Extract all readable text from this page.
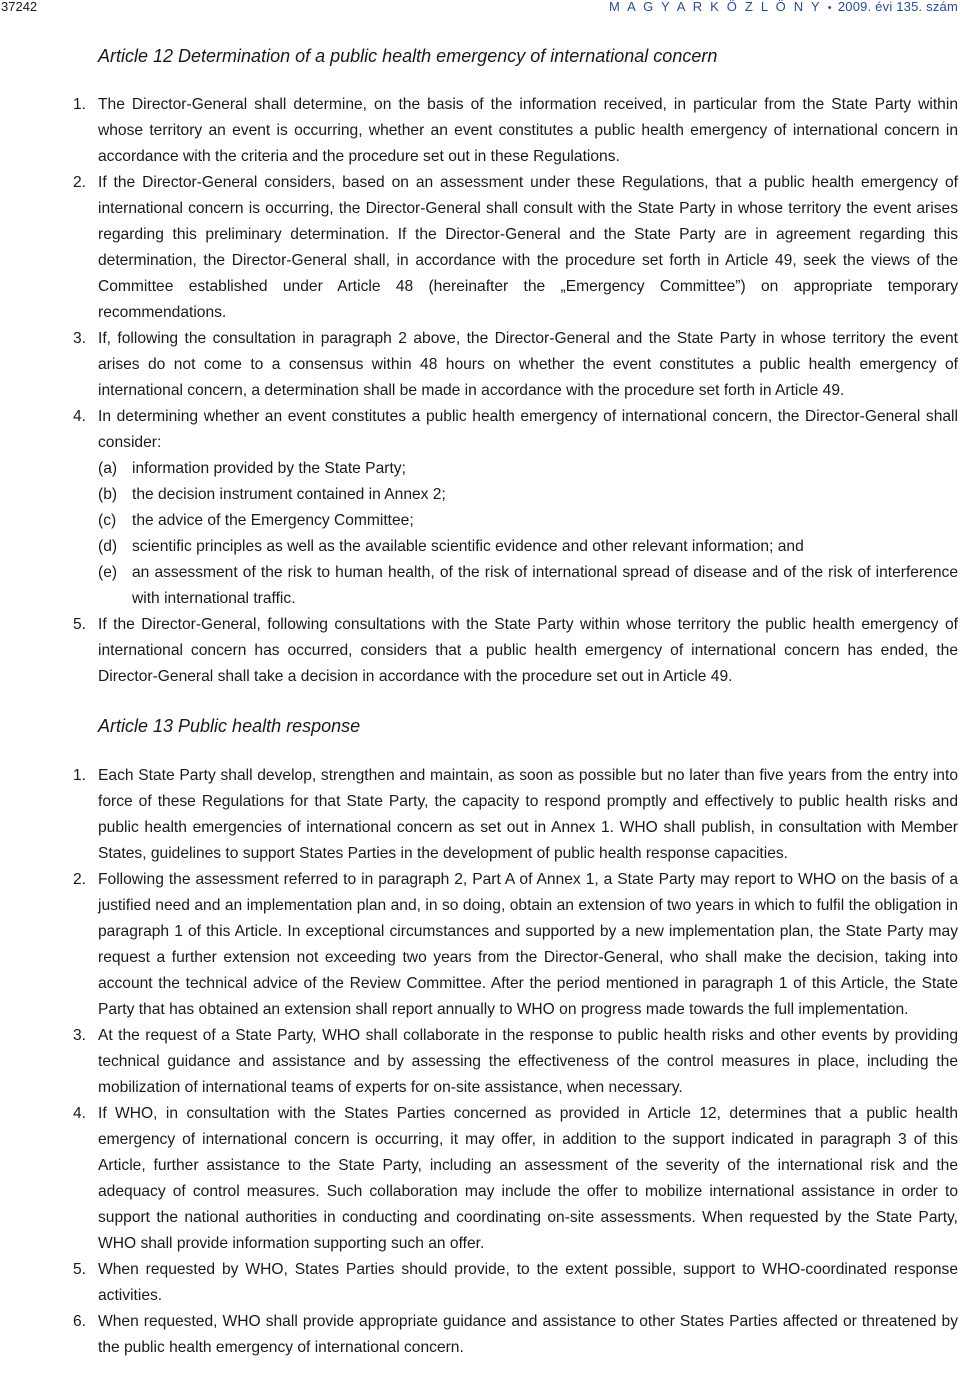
37242	M A G Y A R K Ö Z L Ö N Y • 2009. évi 135. szám
Article 12 Determination of a public health emergency of international concern
1. The Director-General shall determine, on the basis of the information received, in particular from the State Party within whose territory an event is occurring, whether an event constitutes a public health emergency of international concern in accordance with the criteria and the procedure set out in these Regulations.
2. If the Director-General considers, based on an assessment under these Regulations, that a public health emergency of international concern is occurring, the Director-General shall consult with the State Party in whose territory the event arises regarding this preliminary determination. If the Director-General and the State Party are in agreement regarding this determination, the Director-General shall, in accordance with the procedure set forth in Article 49, seek the views of the Committee established under Article 48 (hereinafter the „Emergency Committee”) on appropriate temporary recommendations.
3. If, following the consultation in paragraph 2 above, the Director-General and the State Party in whose territory the event arises do not come to a consensus within 48 hours on whether the event constitutes a public health emergency of international concern, a determination shall be made in accordance with the procedure set forth in Article 49.
4. In determining whether an event constitutes a public health emergency of international concern, the Director-General shall consider:
(a) information provided by the State Party;
(b) the decision instrument contained in Annex 2;
(c) the advice of the Emergency Committee;
(d) scientific principles as well as the available scientific evidence and other relevant information; and
(e) an assessment of the risk to human health, of the risk of international spread of disease and of the risk of interference with international traffic.
5. If the Director-General, following consultations with the State Party within whose territory the public health emergency of international concern has occurred, considers that a public health emergency of international concern has ended, the Director-General shall take a decision in accordance with the procedure set out in Article 49.
Article 13 Public health response
1. Each State Party shall develop, strengthen and maintain, as soon as possible but no later than five years from the entry into force of these Regulations for that State Party, the capacity to respond promptly and effectively to public health risks and public health emergencies of international concern as set out in Annex 1. WHO shall publish, in consultation with Member States, guidelines to support States Parties in the development of public health response capacities.
2. Following the assessment referred to in paragraph 2, Part A of Annex 1, a State Party may report to WHO on the basis of a justified need and an implementation plan and, in so doing, obtain an extension of two years in which to fulfil the obligation in paragraph 1 of this Article. In exceptional circumstances and supported by a new implementation plan, the State Party may request a further extension not exceeding two years from the Director-General, who shall make the decision, taking into account the technical advice of the Review Committee. After the period mentioned in paragraph 1 of this Article, the State Party that has obtained an extension shall report annually to WHO on progress made towards the full implementation.
3. At the request of a State Party, WHO shall collaborate in the response to public health risks and other events by providing technical guidance and assistance and by assessing the effectiveness of the control measures in place, including the mobilization of international teams of experts for on-site assistance, when necessary.
4. If WHO, in consultation with the States Parties concerned as provided in Article 12, determines that a public health emergency of international concern is occurring, it may offer, in addition to the support indicated in paragraph 3 of this Article, further assistance to the State Party, including an assessment of the severity of the international risk and the adequacy of control measures. Such collaboration may include the offer to mobilize international assistance in order to support the national authorities in conducting and coordinating on-site assessments. When requested by the State Party, WHO shall provide information supporting such an offer.
5. When requested by WHO, States Parties should provide, to the extent possible, support to WHO-coordinated response activities.
6. When requested, WHO shall provide appropriate guidance and assistance to other States Parties affected or threatened by the public health emergency of international concern.
